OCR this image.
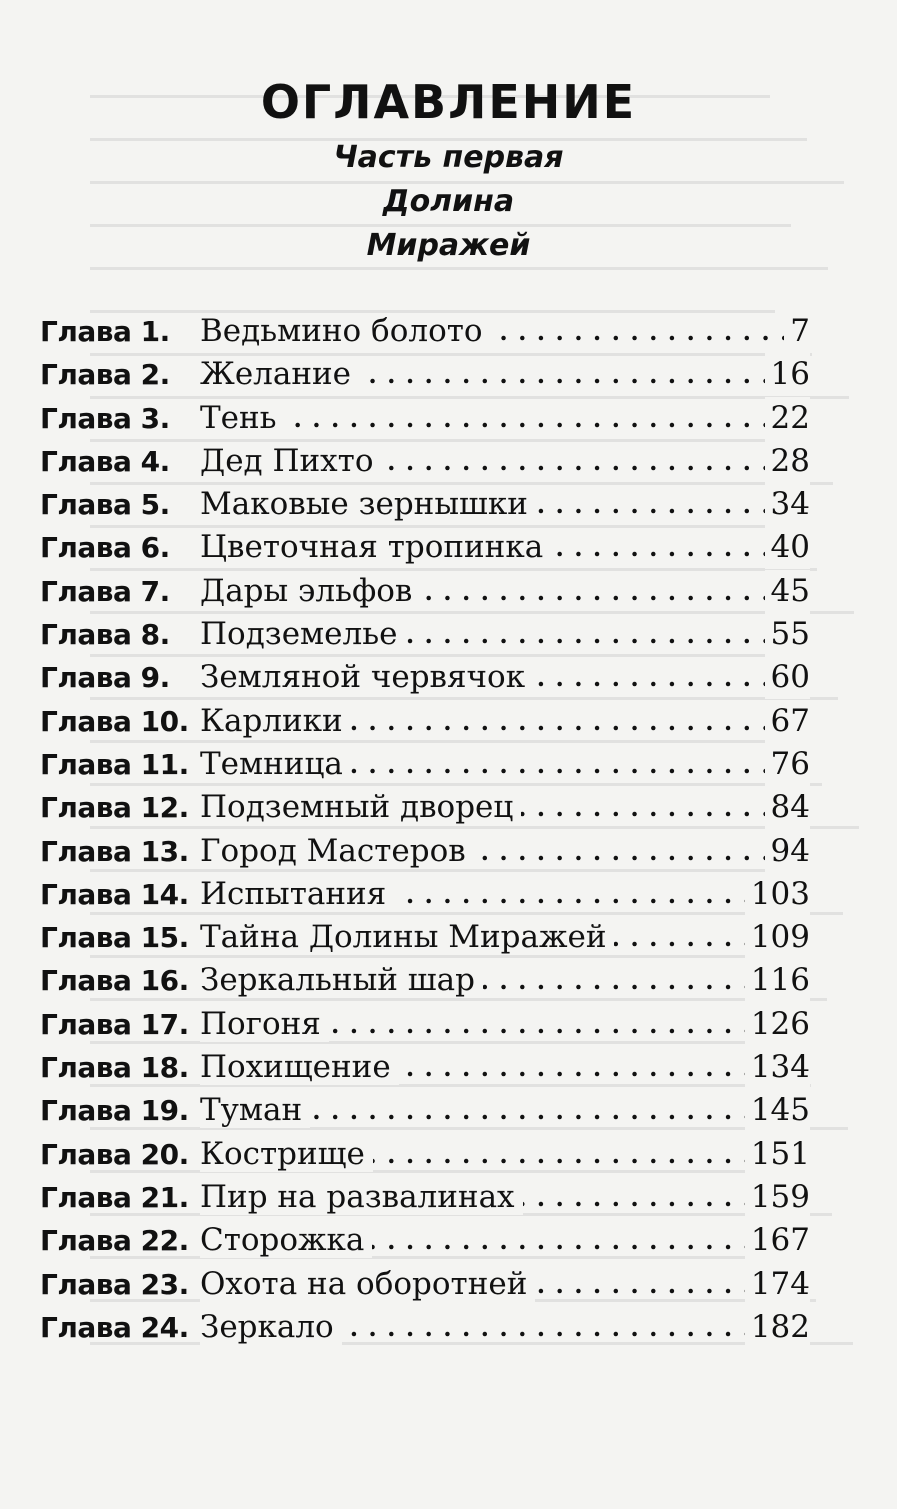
ОГЛАВЛЕНИЕ
Часть первая
Долина
Миражей
Глава 1. Ведьмино болото . . .	7
Глава 2. Желание . . .	16
Глава 3. Тень . . .	22
Глава 4. Дед Пихто . . .	28
Глава 5. Маковые зернышки . . .	34
Глава 6. Цветочная тропинка . . .	40
Глава 7. Дары эльфов . . .	45
Глава 8. Подземелье . . .	55
Глава 9. Земляной червячок . . .	60
Глава 10. Карлики . . .	67
Глава 11. Темница . . .	76
Глава 12. Подземный дворец . . .	84
Глава 13. Город Мастеров . . .	94
Глава 14. Испытания . . .	103
Глава 15. Тайна Долины Миражей . . .	109
Глава 16. Зеркальный шар . . .	116
Глава 17. Погоня . . .	126
Глава 18. Похищение . . .	134
Глава 19. Туман . . .	145
Глава 20. Кострище . . .	151
Глава 21. Пир на развалинах . . .	159
Глава 22. Сторожка . . .	167
Глава 23. Охота на оборотней . . .	174
Глава 24. Зеркало . . .	182
